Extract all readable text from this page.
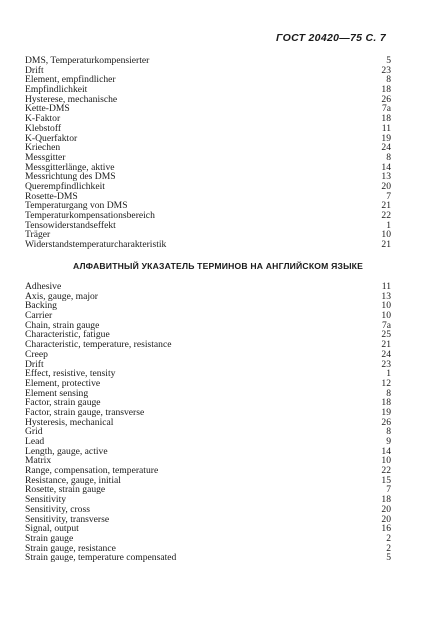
ГОСТ 20420—75 С. 7
DMS, Temperaturkompensierter	5
Drift	23
Element, empfindlicher	8
Empfindlichkeit	18
Hysterese, mechanische	26
Kette-DMS	7a
K-Faktor	18
Klebstoff	11
K-Querfaktor	19
Kriechen	24
Messgitter	8
Messgitterlänge, aktive	14
Messrichtung des DMS	13
Querempfindlichkeit	20
Rosette-DMS	7
Temperaturgang von DMS	21
Temperaturkompensationsbereich	22
Tensowiderstandseffekt	1
Träger	10
Widerstandstemperaturcharakteristik	21
АЛФАВИТНЫЙ УКАЗАТЕЛЬ ТЕРМИНОВ НА АНГЛИЙСКОМ ЯЗЫКЕ
Adhesive	11
Axis, gauge, major	13
Backing	10
Carrier	10
Chain, strain gauge	7a
Characteristic, fatigue	25
Characteristic, temperature, resistance	21
Creep	24
Drift	23
Effect, resistive, tensity	1
Element, protective	12
Element sensing	8
Factor, strain gauge	18
Factor, strain gauge, transverse	19
Hysteresis, mechanical	26
Grid	8
Lead	9
Length, gauge, active	14
Matrix	10
Range, compensation, temperature	22
Resistance, gauge, initial	15
Rosette, strain gauge	7
Sensitivity	18
Sensitivity, cross	20
Sensitivity, transverse	20
Signal, output	16
Strain gauge	2
Strain gauge, resistance	2
Strain gauge, temperature compensated	5
